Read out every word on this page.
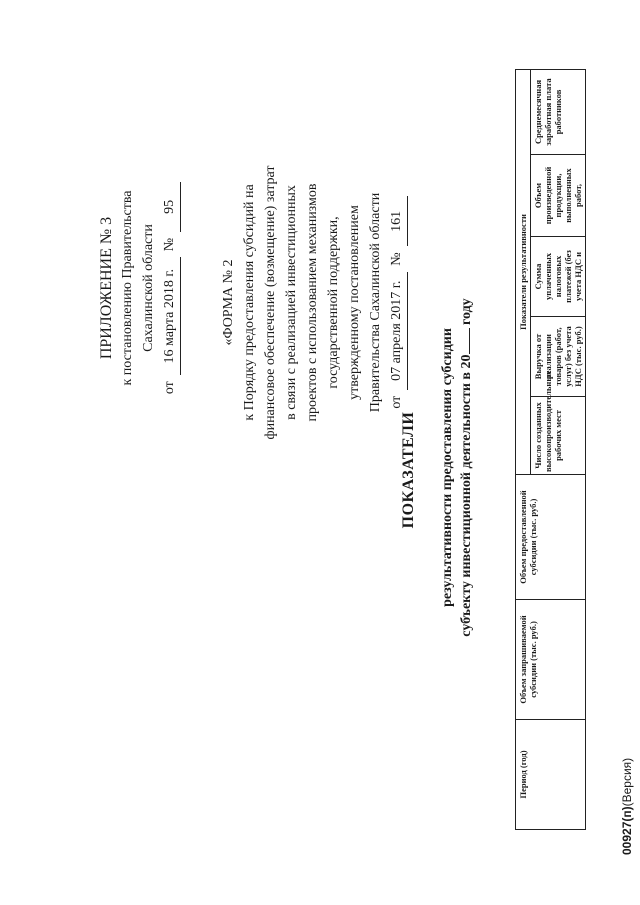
ПРИЛОЖЕНИЕ № 3 к постановлению Правительства Сахалинской области
от
16 марта 2018 г.
№
95
«ФОРМА № 2 к Порядку предоставления субсидий на финансовое обеспечение (возмещение) затрат в связи с реализацией инвестиционных проектов с использованием механизмов государственной поддержки, утвержденному постановлением Правительства Сахалинской области от
07 апреля 2017 г.
№
161
ПОКАЗАТЕЛИ результативности предоставления субсидии субъекту инвестиционной деятельности в 20 году
Период (год)	Объем запрашиваемой субсидии (тыс. руб.)	Объем предоставленной субсидии (тыс. руб.)	Показатели результативности				
			Число созданных высокопроизводительных рабочих мест	Выручка от реализации товаров (работ, услуг) без учета НДС (тыс. руб.)	Сумма уплаченных налоговых платежей (без учета НДС и	Объем произведенной продукции, выполненных работ,	Среднемесячная заработная плата работников
00927(п)(Версия)
